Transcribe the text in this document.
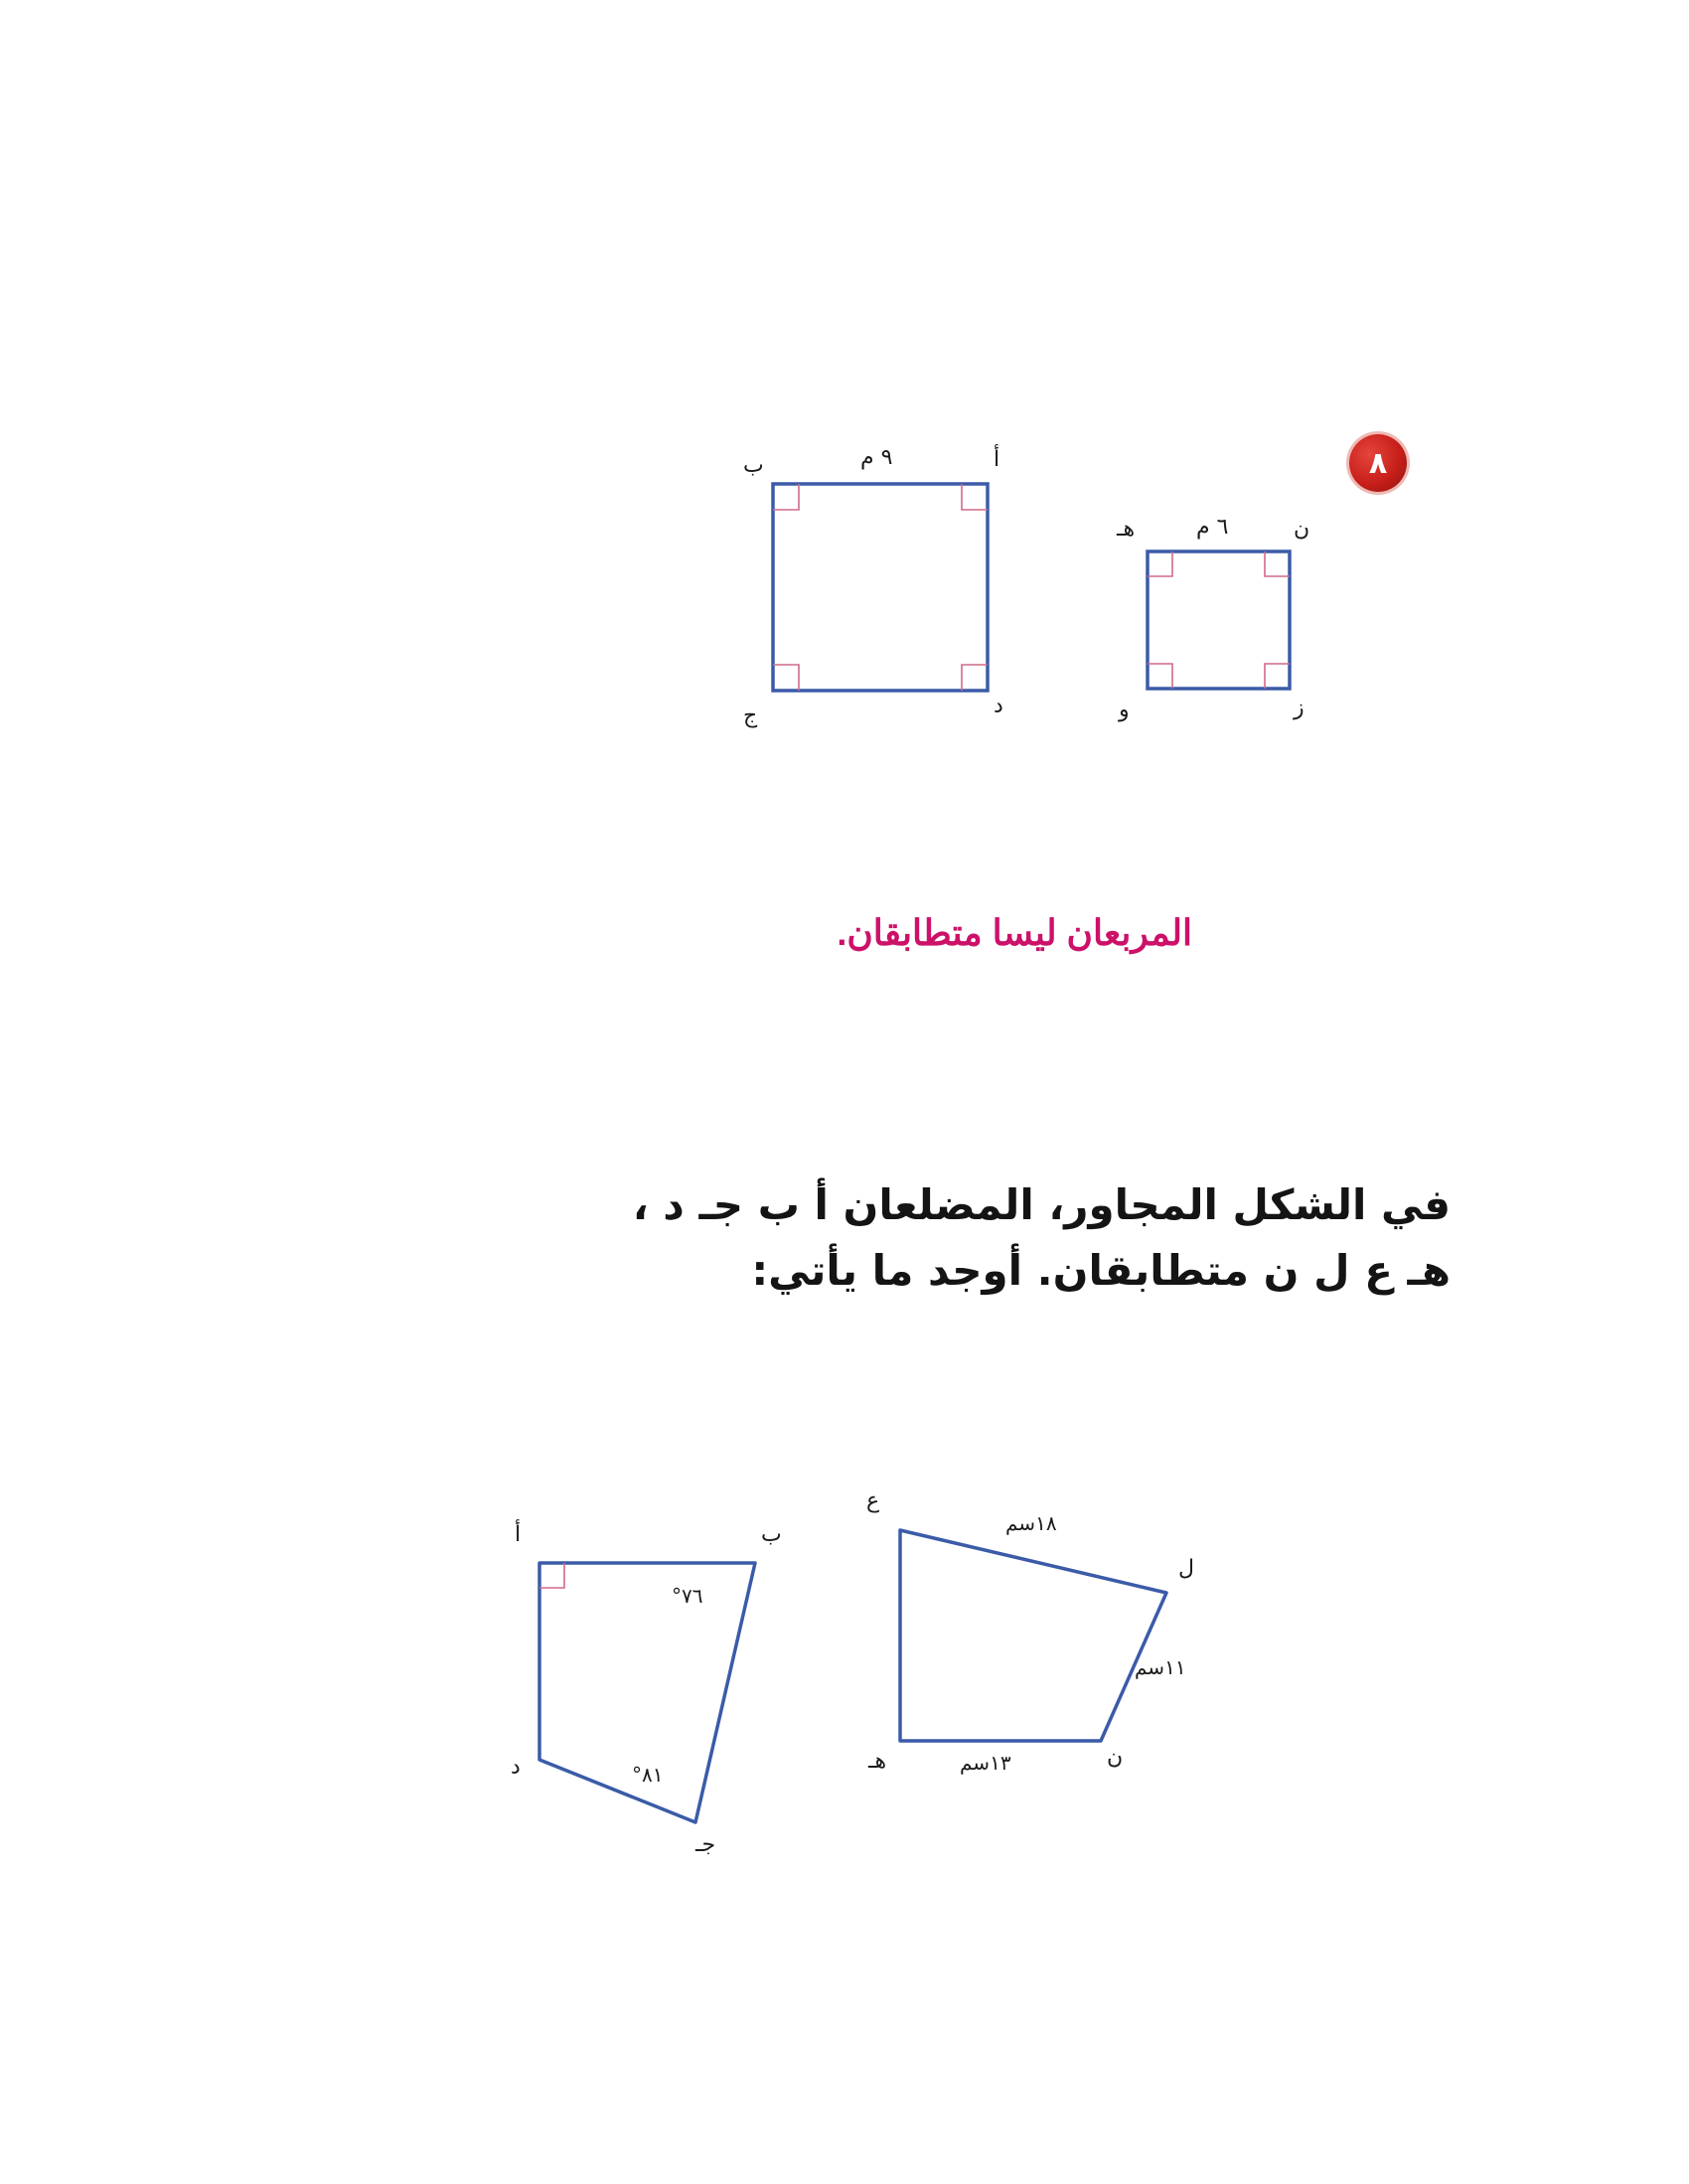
٨
أ
ب
ج	د
٩ م
ن
هـ
و	ز
٦ م
المربعان ليسا متطابقان.
في الشكل المجاور، المضلعان أ ب جـ د ،
هـ ع ل ن متطابقان. أوجد ما يأتي:
أ	ب
جـ
د
°٧٦
°٨١
ع
ل
ن
هـ
١٨سم
١١سم
١٣سم
